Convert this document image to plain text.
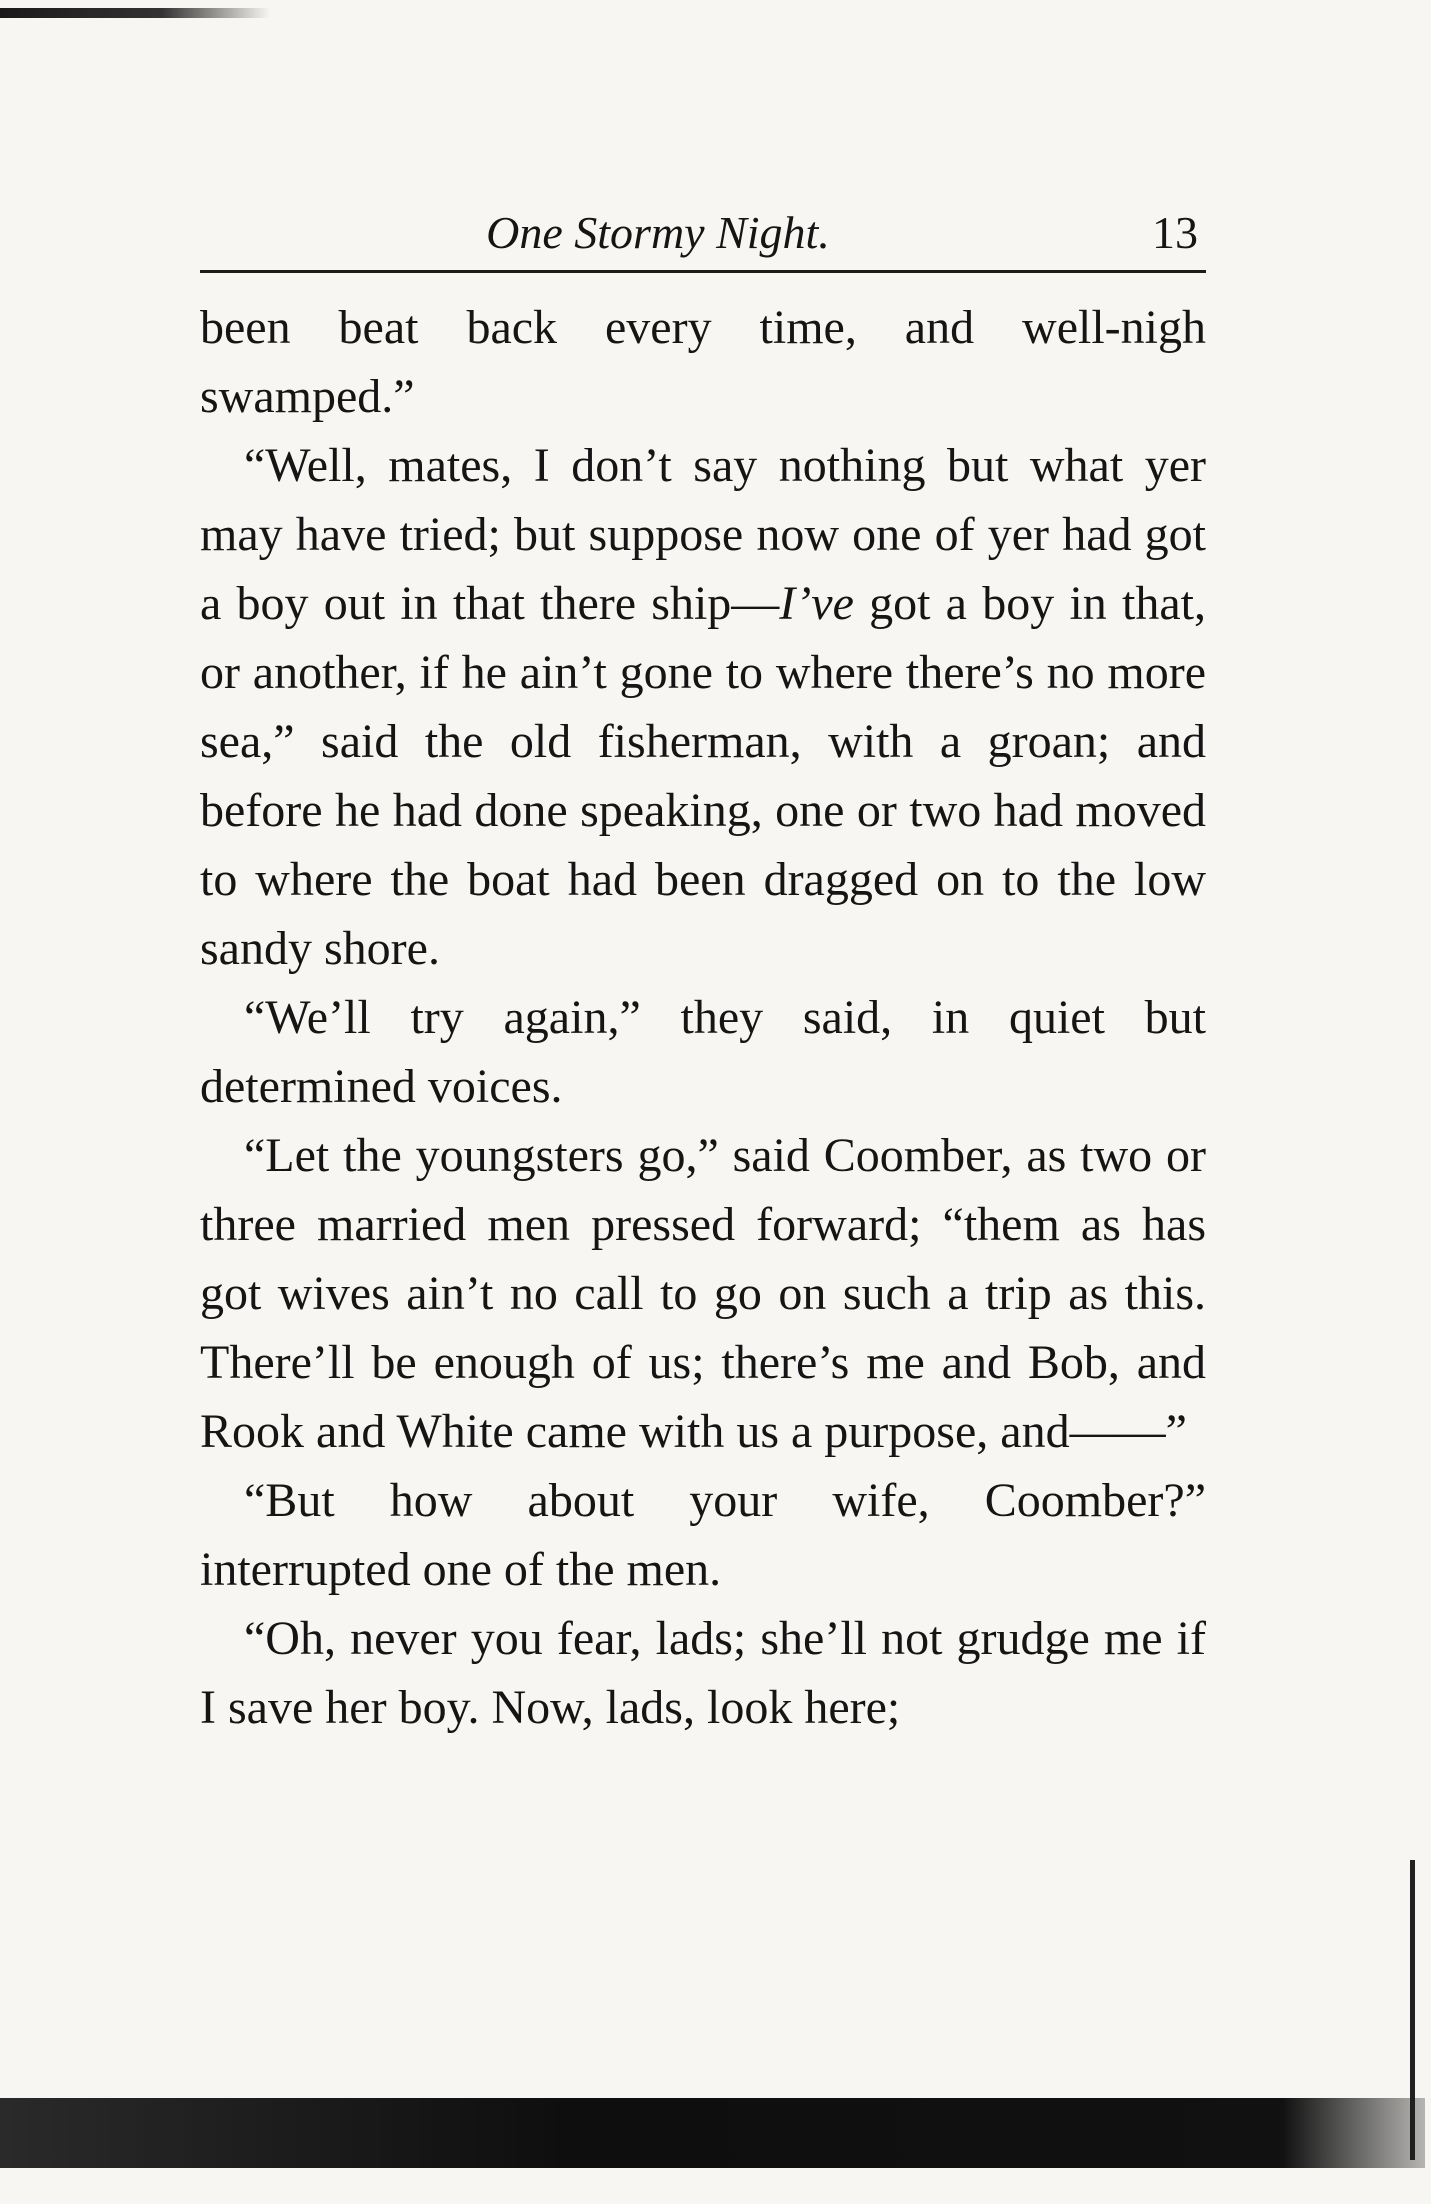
One Stormy Night.	13

been beat back every time, and well-nigh swamped.”

“Well, mates, I don’t say nothing but what yer may have tried; but suppose now one of yer had got a boy out in that there ship—I’ve got a boy in that, or another, if he ain’t gone to where there’s no more sea,” said the old fisherman, with a groan; and before he had done speaking, one or two had moved to where the boat had been dragged on to the low sandy shore.

“We’ll try again,” they said, in quiet but determined voices.

“Let the youngsters go,” said Coomber, as two or three married men pressed forward; “them as has got wives ain’t no call to go on such a trip as this. There’ll be enough of us; there’s me and Bob, and Rook and White came with us a purpose, and——”

“But how about your wife, Coomber?” interrupted one of the men.

“Oh, never you fear, lads; she’ll not grudge me if I save her boy. Now, lads, look here;
